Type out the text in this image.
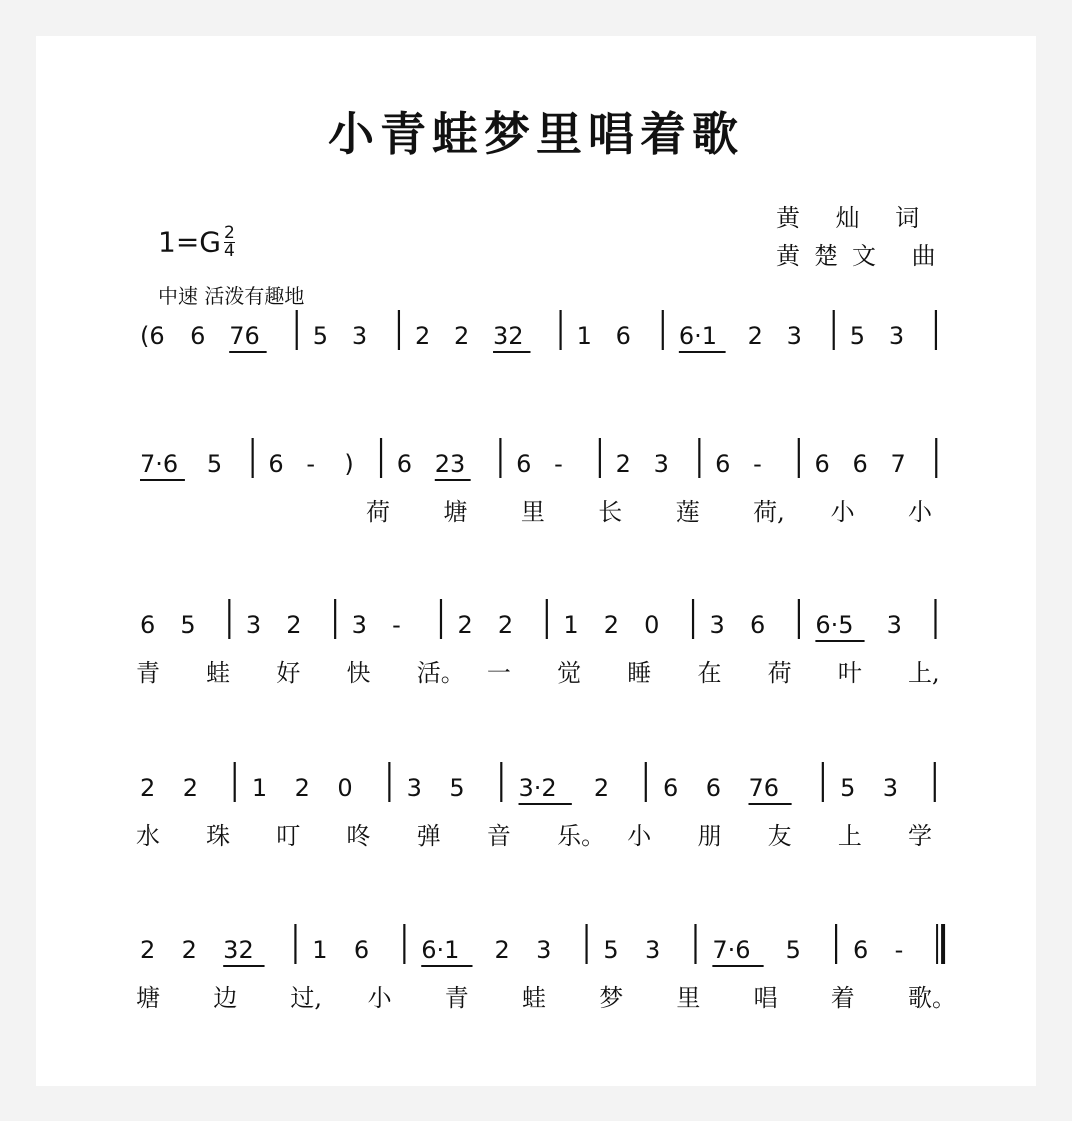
小青蛙梦里唱着歌
黄 灿 词
黄楚文 曲
$1=G \frac{2}{4}$
中速 活泼有趣地
(6 6 76 5 3 2 2 32 1 6 6·1 2 3 5 3
7·6 5 6 - ) 6 23 6 - 2 3 6 - 6 6 7
荷 塘 里 长 莲 荷, 小 小
6 5 3 2 3 - 2 2 1 2 0 3 6 6·5 3
青 蛙 好 快 活。 一 觉 睡 在 荷 叶 上,
2 2 1 2 0 3 5 3·2 2 6 6 76	5 3
水 珠 叮 咚 弹 音 乐。 小 朋 友 上 学
2 2 32 1 6 6·1 2 3 5 3 7·6 5 6 -
塘 边 过, 小 青 蛙 梦 里 唱 着 歌。
